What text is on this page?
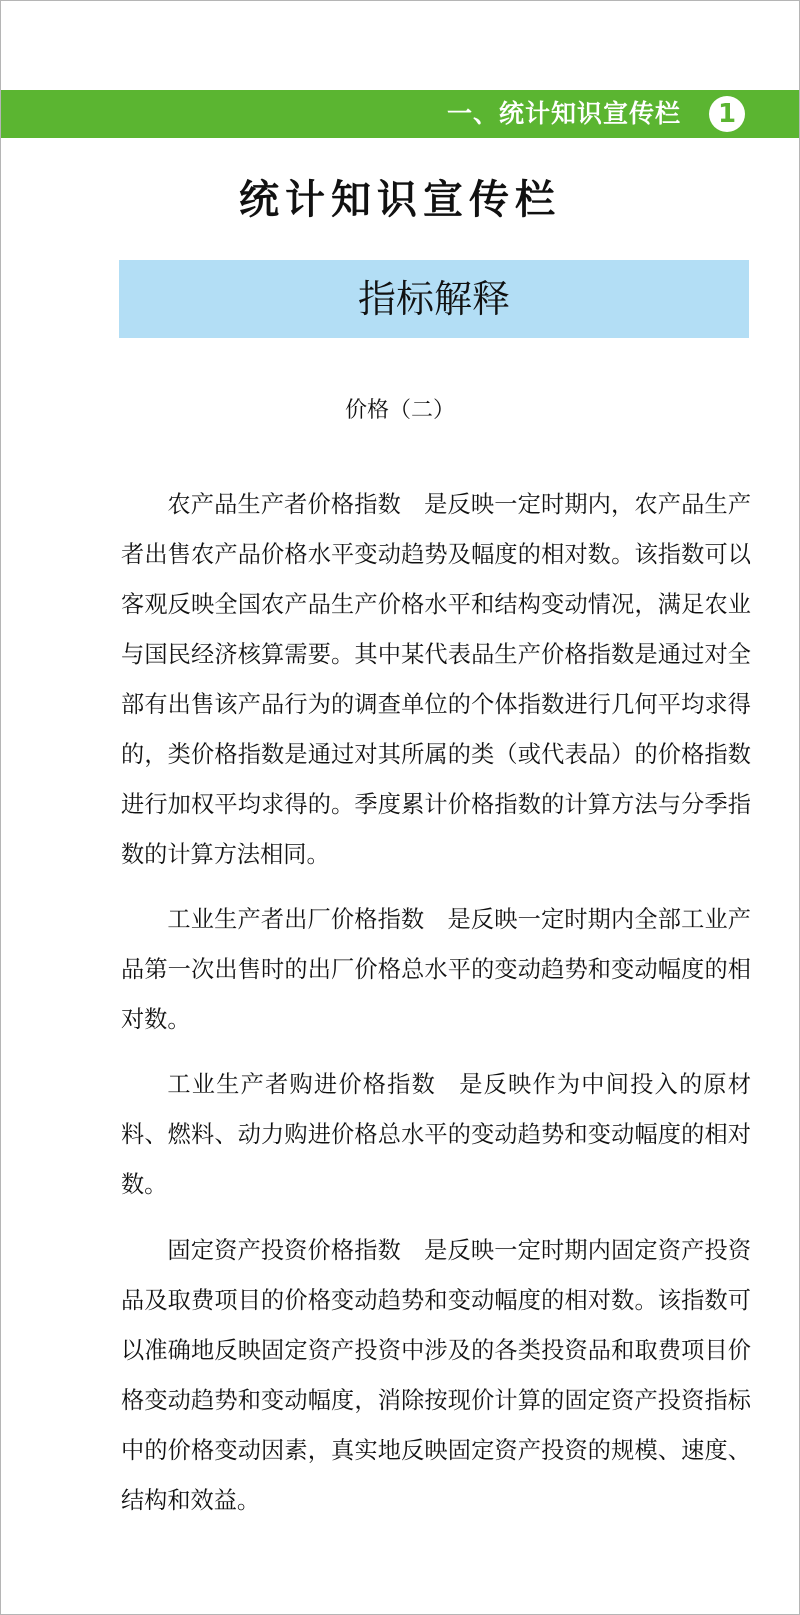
一、统计知识宣传栏	1
统计知识宣传栏
指标解释
价格（二）

农产品生产者价格指数 是反映一定时期内，农产品生产者出售农产品价格水平变动趋势及幅度的相对数。该指数可以客观反映全国农产品生产价格水平和结构变动情况，满足农业与国民经济核算需要。其中某代表品生产价格指数是通过对全部有出售该产品行为的调查单位的个体指数进行几何平均求得的，类价格指数是通过对其所属的类（或代表品）的价格指数进行加权平均求得的。季度累计价格指数的计算方法与分季指数的计算方法相同。

工业生产者出厂价格指数 是反映一定时期内全部工业产品第一次出售时的出厂价格总水平的变动趋势和变动幅度的相对数。

工业生产者购进价格指数 是反映作为中间投入的原材料、燃料、动力购进价格总水平的变动趋势和变动幅度的相对数。

固定资产投资价格指数 是反映一定时期内固定资产投资品及取费项目的价格变动趋势和变动幅度的相对数。该指数可以准确地反映固定资产投资中涉及的各类投资品和取费项目价格变动趋势和变动幅度，消除按现价计算的固定资产投资指标中的价格变动因素，真实地反映固定资产投资的规模、速度、结构和效益。
